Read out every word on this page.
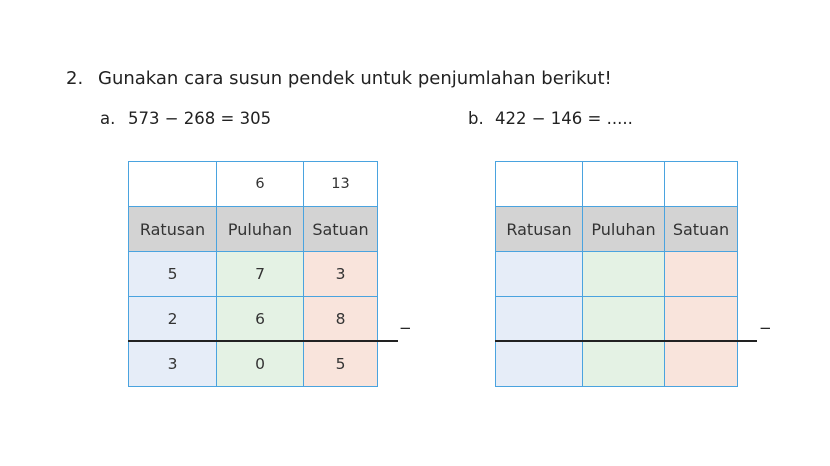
2. Gunakan cara susun pendek untuk penjumlahan berikut!
a. 573 − 268 = 305
	6	13
Ratusan	Puluhan	Satuan
5	7	3
2	6	8
3	0	5
−
b. 422 − 146 = .....

Ratusan	Puluhan	Satuan

−
